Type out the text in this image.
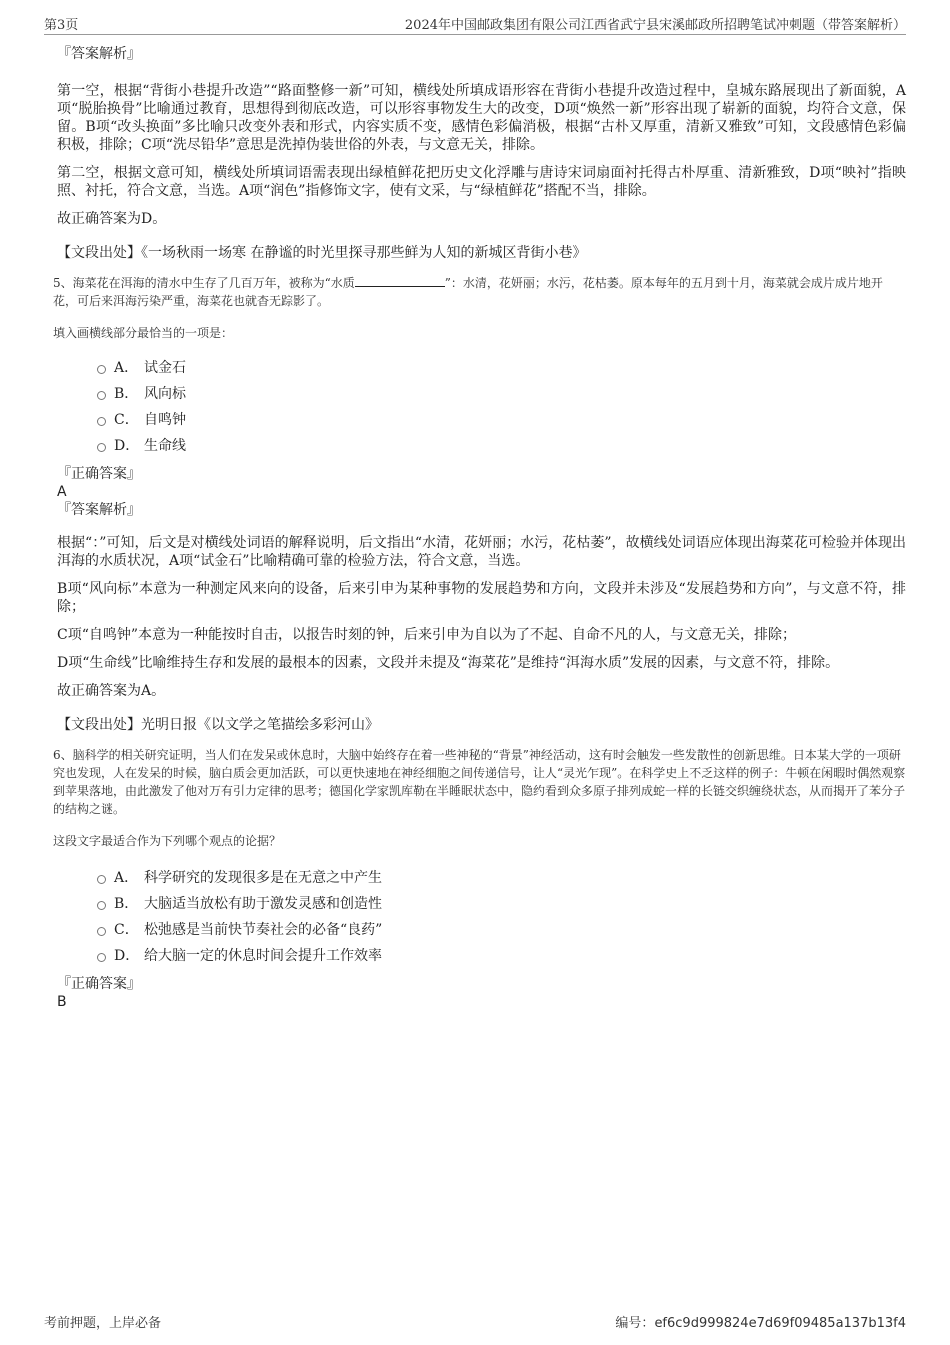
第3页	2024年中国邮政集团有限公司江西省武宁县宋溪邮政所招聘笔试冲刺题（带答案解析）

『答案解析』

第一空，根据“背街小巷提升改造”“路面整修一新”可知，横线处所填成语形容在背街小巷提升改造过程中，皇城东路展现出了新面貌，A项“脱胎换骨”比喻通过教育，思想得到彻底改造，可以形容事物发生大的改变，D项“焕然一新”形容出现了崭新的面貌，均符合文意，保留。B项“改头换面”多比喻只改变外表和形式，内容实质不变，感情色彩偏消极，根据“古朴又厚重，清新又雅致”可知，文段感情色彩偏积极，排除；C项“洗尽铅华”意思是洗掉伪装世俗的外表，与文意无关，排除。

第二空，根据文意可知，横线处所填词语需表现出绿植鲜花把历史文化浮雕与唐诗宋词扇面衬托得古朴厚重、清新雅致，D项“映衬”指映照、衬托，符合文意，当选。A项“润色”指修饰文字，使有文采，与“绿植鲜花”搭配不当，排除。

故正确答案为D。

【文段出处】《一场秋雨一场寒 在静谧的时光里探寻那些鲜为人知的新城区背街小巷》

5、海菜花在洱海的清水中生存了几百万年，被称为“水质	”：水清，花妍丽；水污，花枯萎。原本每年的五月到十月，海菜就会成片成片地开花，可后来洱海污染严重，海菜花也就杳无踪影了。

填入画横线部分最恰当的一项是：

A． 试金石
B． 风向标
C． 自鸣钟
D． 生命线

『正确答案』

A

『答案解析』

根据“：”可知，后文是对横线处词语的解释说明，后文指出“水清，花妍丽；水污，花枯萎”，故横线处词语应体现出海菜花可检验并体现出洱海的水质状况，A项“试金石”比喻精确可靠的检验方法，符合文意，当选。

B项“风向标”本意为一种测定风来向的设备，后来引申为某种事物的发展趋势和方向，文段并未涉及“发展趋势和方向”，与文意不符，排除；

C项“自鸣钟”本意为一种能按时自击，以报告时刻的钟，后来引申为自以为了不起、自命不凡的人，与文意无关，排除；

D项“生命线”比喻维持生存和发展的最根本的因素，文段并未提及“海菜花”是维持“洱海水质”发展的因素，与文意不符，排除。

故正确答案为A。

【文段出处】光明日报《以文学之笔描绘多彩河山》

6、脑科学的相关研究证明，当人们在发呆或休息时，大脑中始终存在着一些神秘的“背景”神经活动，这有时会触发一些发散性的创新思维。日本某大学的一项研究也发现，人在发呆的时候，脑白质会更加活跃，可以更快速地在神经细胞之间传递信号，让人“灵光乍现”。在科学史上不乏这样的例子：牛顿在闲暇时偶然观察到苹果落地，由此激发了他对万有引力定律的思考；德国化学家凯库勒在半睡眠状态中，隐约看到众多原子排列成蛇一样的长链交织缠绕状态，从而揭开了苯分子的结构之谜。

这段文字最适合作为下列哪个观点的论据？

A． 科学研究的发现很多是在无意之中产生
B． 大脑适当放松有助于激发灵感和创造性
C． 松弛感是当前快节奏社会的必备“良药”
D． 给大脑一定的休息时间会提升工作效率

『正确答案』

B

考前押题，上岸必备	编号：ef6c9d999824e7d69f09485a137b13f4
